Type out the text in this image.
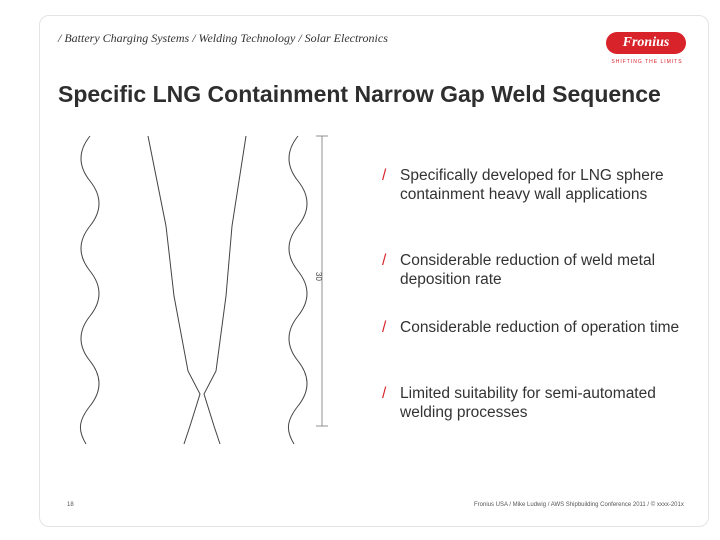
/ Battery Charging Systems / Welding Technology / Solar Electronics	Fronius
SHIFTING THE LIMITS
Specific LNG Containment Narrow Gap Weld Sequence
30
/ Specifically developed for LNG sphere containment heavy wall applications
/ Considerable reduction of weld metal deposition rate
/ Considerable reduction of operation time
/ Limited suitability for semi-automated welding processes
18	Fronius USA / Mike Ludwig / AWS Shipbuilding Conference 2011 / © xxxx-201x
